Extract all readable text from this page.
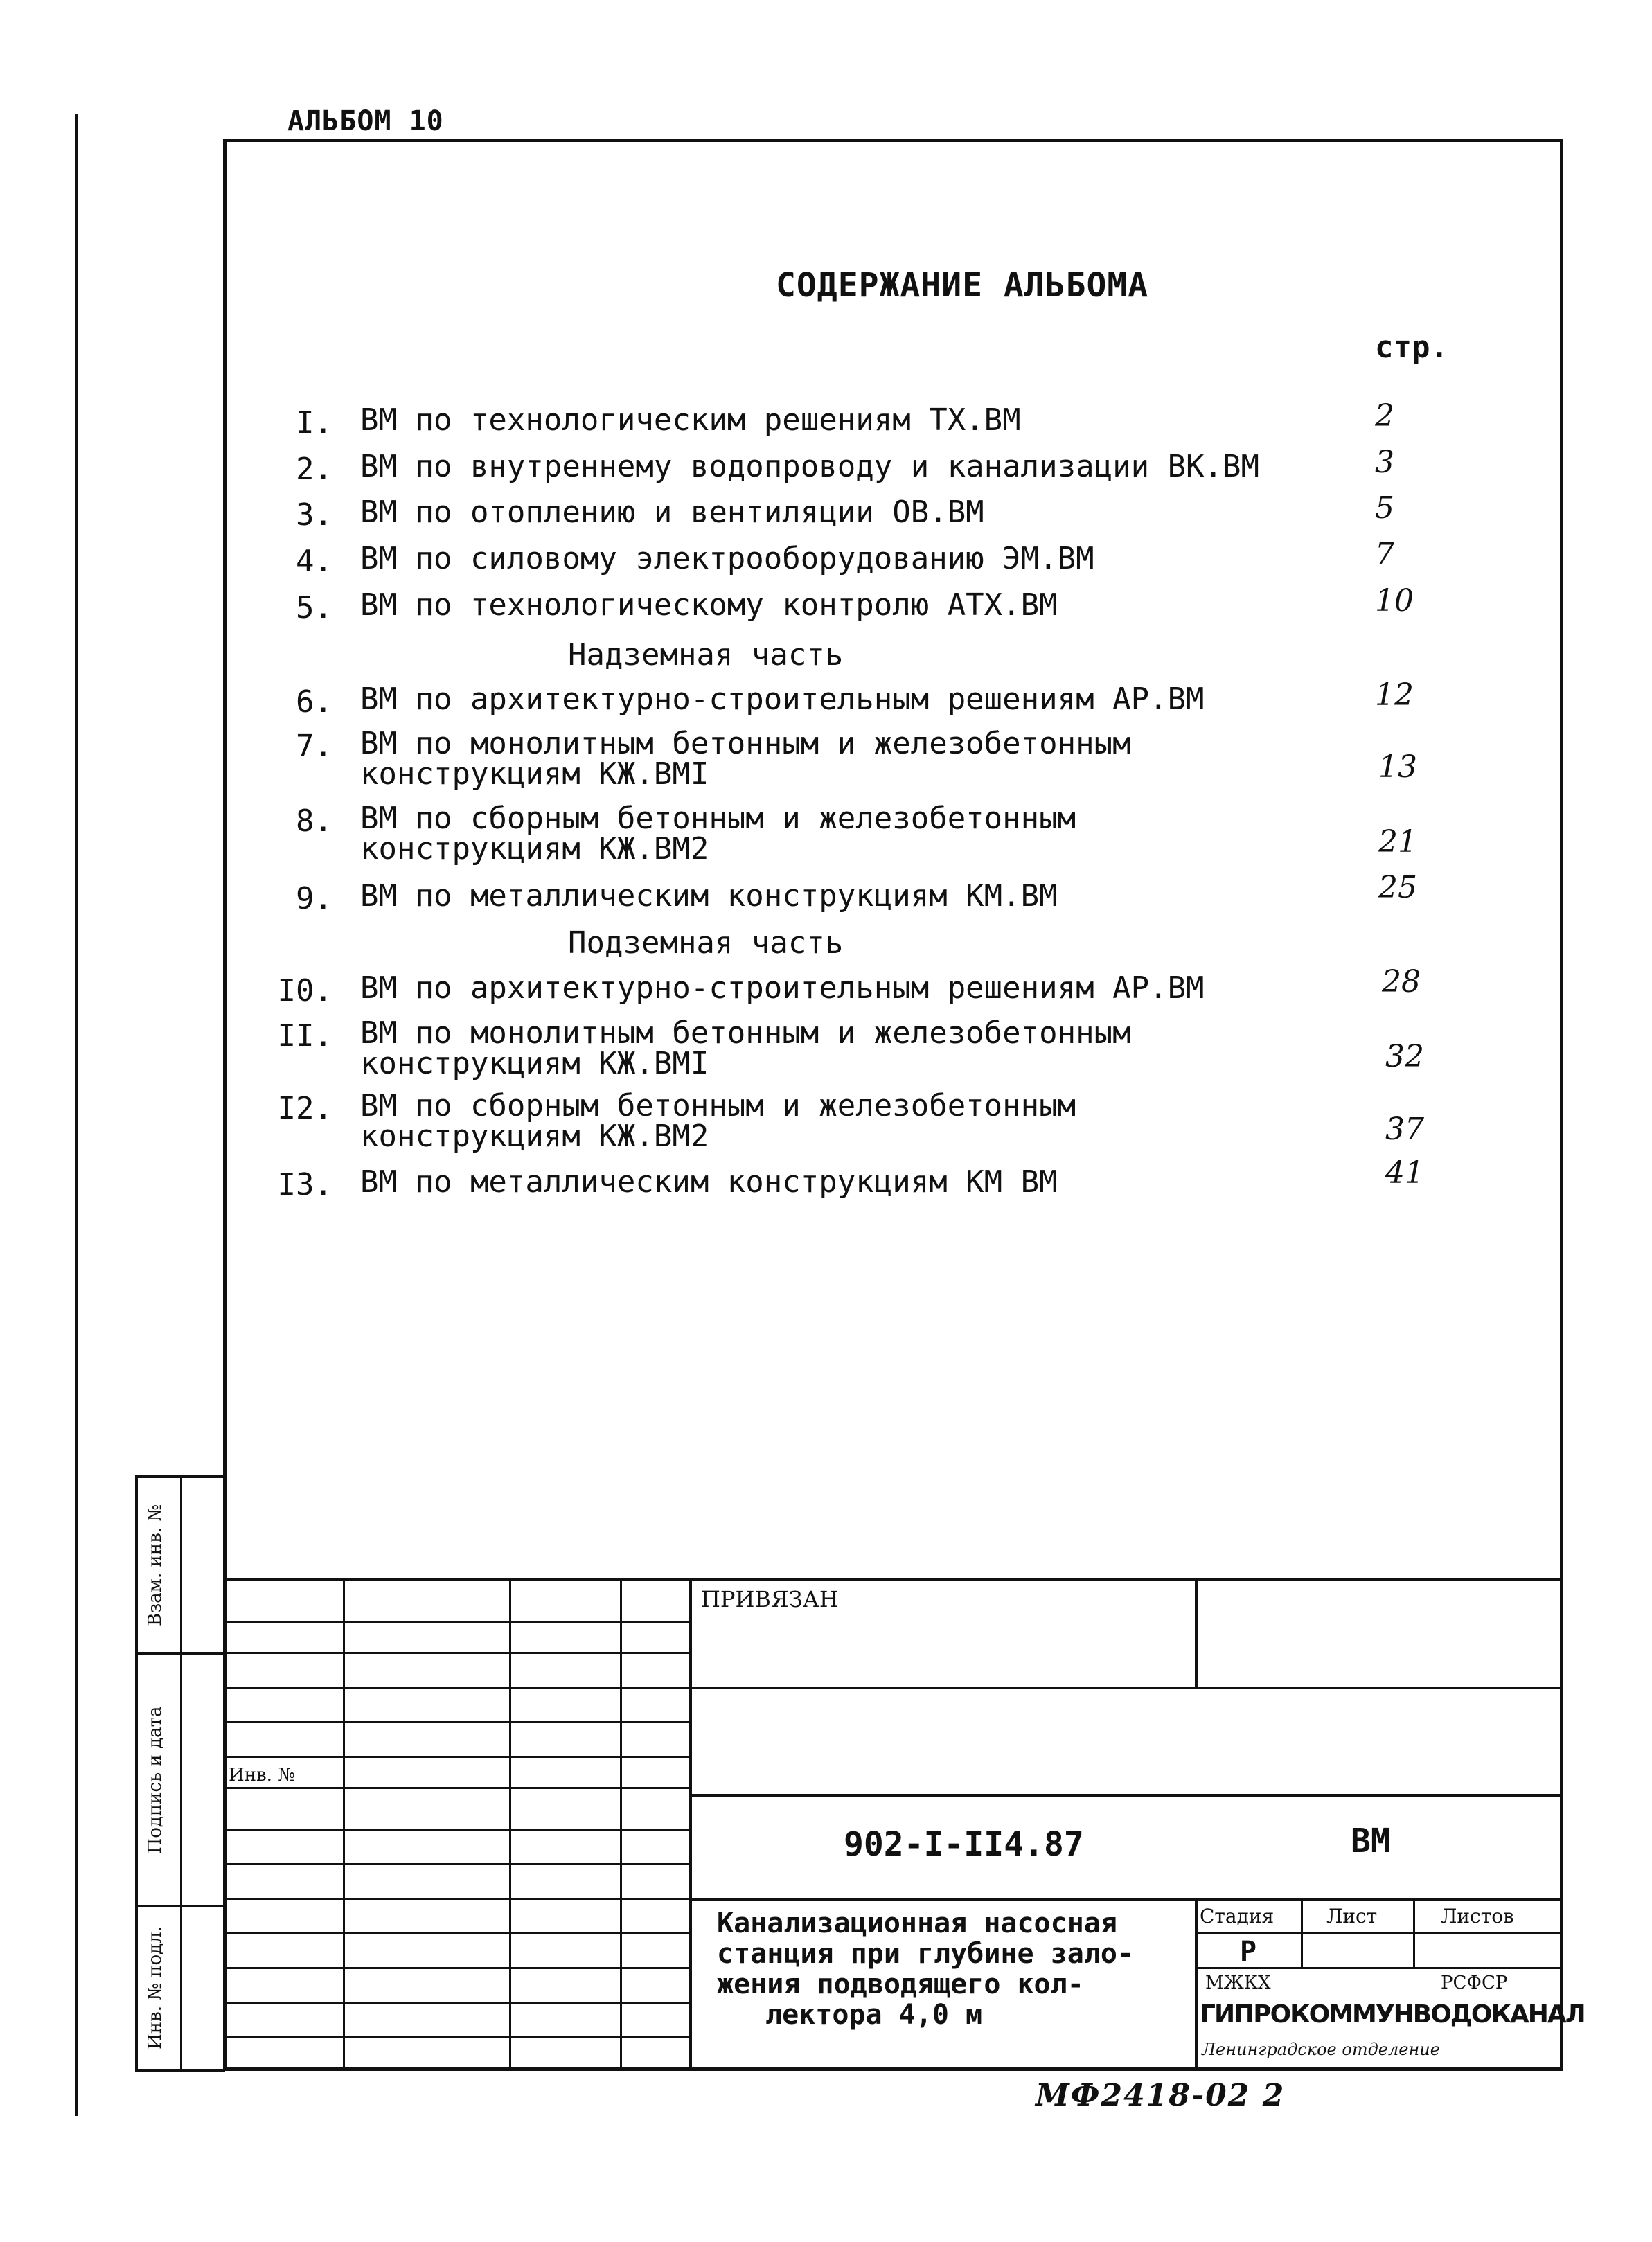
АЛЬБОМ 10
СОДЕРЖАНИЕ АЛЬБОМА
стр.
I. ВМ по технологическим решениям ТХ.ВМ	2
2. ВМ по внутреннему водопроводу и канализации ВК.ВМ	3
3. ВМ по отоплению и вентиляции ОВ.ВМ	5
4. ВМ по силовому электрооборудованию ЭМ.ВМ	7
5. ВМ по технологическому контролю АТХ.ВМ	10
Надземная часть
6. ВМ по архитектурно-строительным решениям АР.ВМ	12
7. ВМ по монолитным бетонным и железобетонным
конструкциям КЖ.ВМI	13
8. ВМ по сборным бетонным и железобетонным
конструкциям КЖ.ВМ2	21
9. ВМ по металлическим конструкциям КМ.ВМ	25
Подземная часть
I0. ВМ по архитектурно-строительным решениям АР.ВМ	28
II. ВМ по монолитным бетонным и железобетонным
конструкциям КЖ.ВМI	32
I2. ВМ по сборным бетонным и железобетонным
конструкциям КЖ.ВМ2	37
I3. ВМ по металлическим конструкциям КМ ВМ	41
Взам. инв. №
Подпись и дата
Инв. № подл.
ПРИВЯЗАН
Инв. №
902-I-II4.87	ВМ
Канализационная насосная
станция при глубине зало-
жения подводящего кол-
лектора 4,0 м
Стадия	Лист	Листов
Р
МЖКХ	РСФСР
ГИПРОКОММУНВОДОКАНАЛ
Ленинградское отделение
МФ2418-02 2
